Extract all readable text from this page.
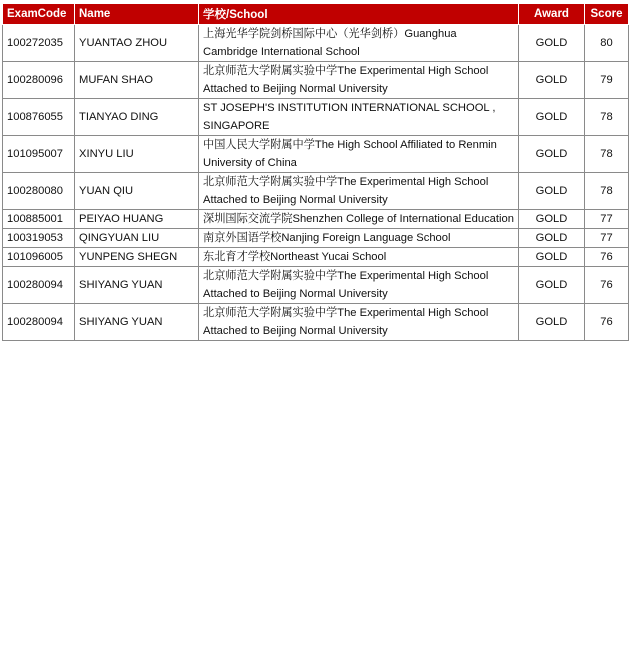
ExamCode	Name	学校/School	Award	Score
100272035	YUANTAO ZHOU	上海光华学院剑桥国际中心（光华剑桥）Guanghua Cambridge International School	GOLD	80
100280096	MUFAN SHAO	北京师范大学附属实验中学The Experimental High School Attached to Beijing Normal University	GOLD	79
100876055	TIANYAO DING	ST JOSEPH'S INSTITUTION INTERNATIONAL SCHOOL , SINGAPORE	GOLD	78
101095007	XINYU LIU	中国人民大学附属中学The High School Affiliated to Renmin University of China	GOLD	78
100280080	YUAN QIU	北京师范大学附属实验中学The Experimental High School Attached to Beijing Normal University	GOLD	78
100885001	PEIYAO HUANG	深圳国际交流学院Shenzhen College of International Education	GOLD	77
100319053	QINGYUAN LIU	南京外国语学校Nanjing Foreign Language School	GOLD	77
101096005	YUNPENG SHEGN	东北育才学校Northeast Yucai School	GOLD	76
100280094	SHIYANG YUAN	北京师范大学附属实验中学The Experimental High School Attached to Beijing Normal University	GOLD	76
100280094	SHIYANG YUAN	北京师范大学附属实验中学The Experimental High School Attached to Beijing Normal University	GOLD	76
